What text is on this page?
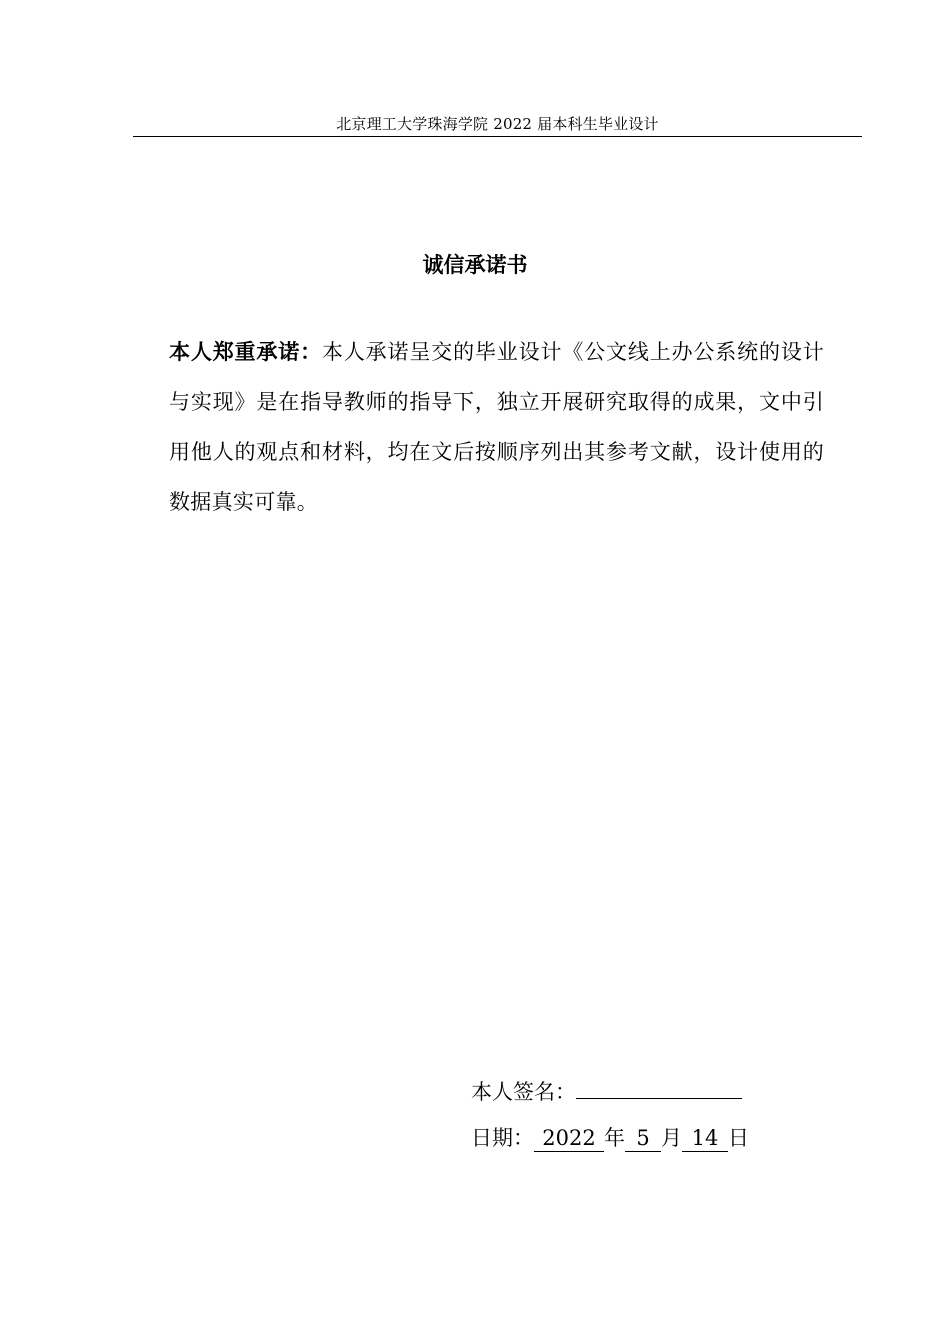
北京理工大学珠海学院 2022 届本科生毕业设计
诚信承诺书
本人郑重承诺：本人承诺呈交的毕业设计《公文线上办公系统的设计与实现》是在指导教师的指导下，独立开展研究取得的成果，文中引用他人的观点和材料，均在文后按顺序列出其参考文献，设计使用的数据真实可靠。
本人签名：
日期： 2022 年 5 月 14 日
